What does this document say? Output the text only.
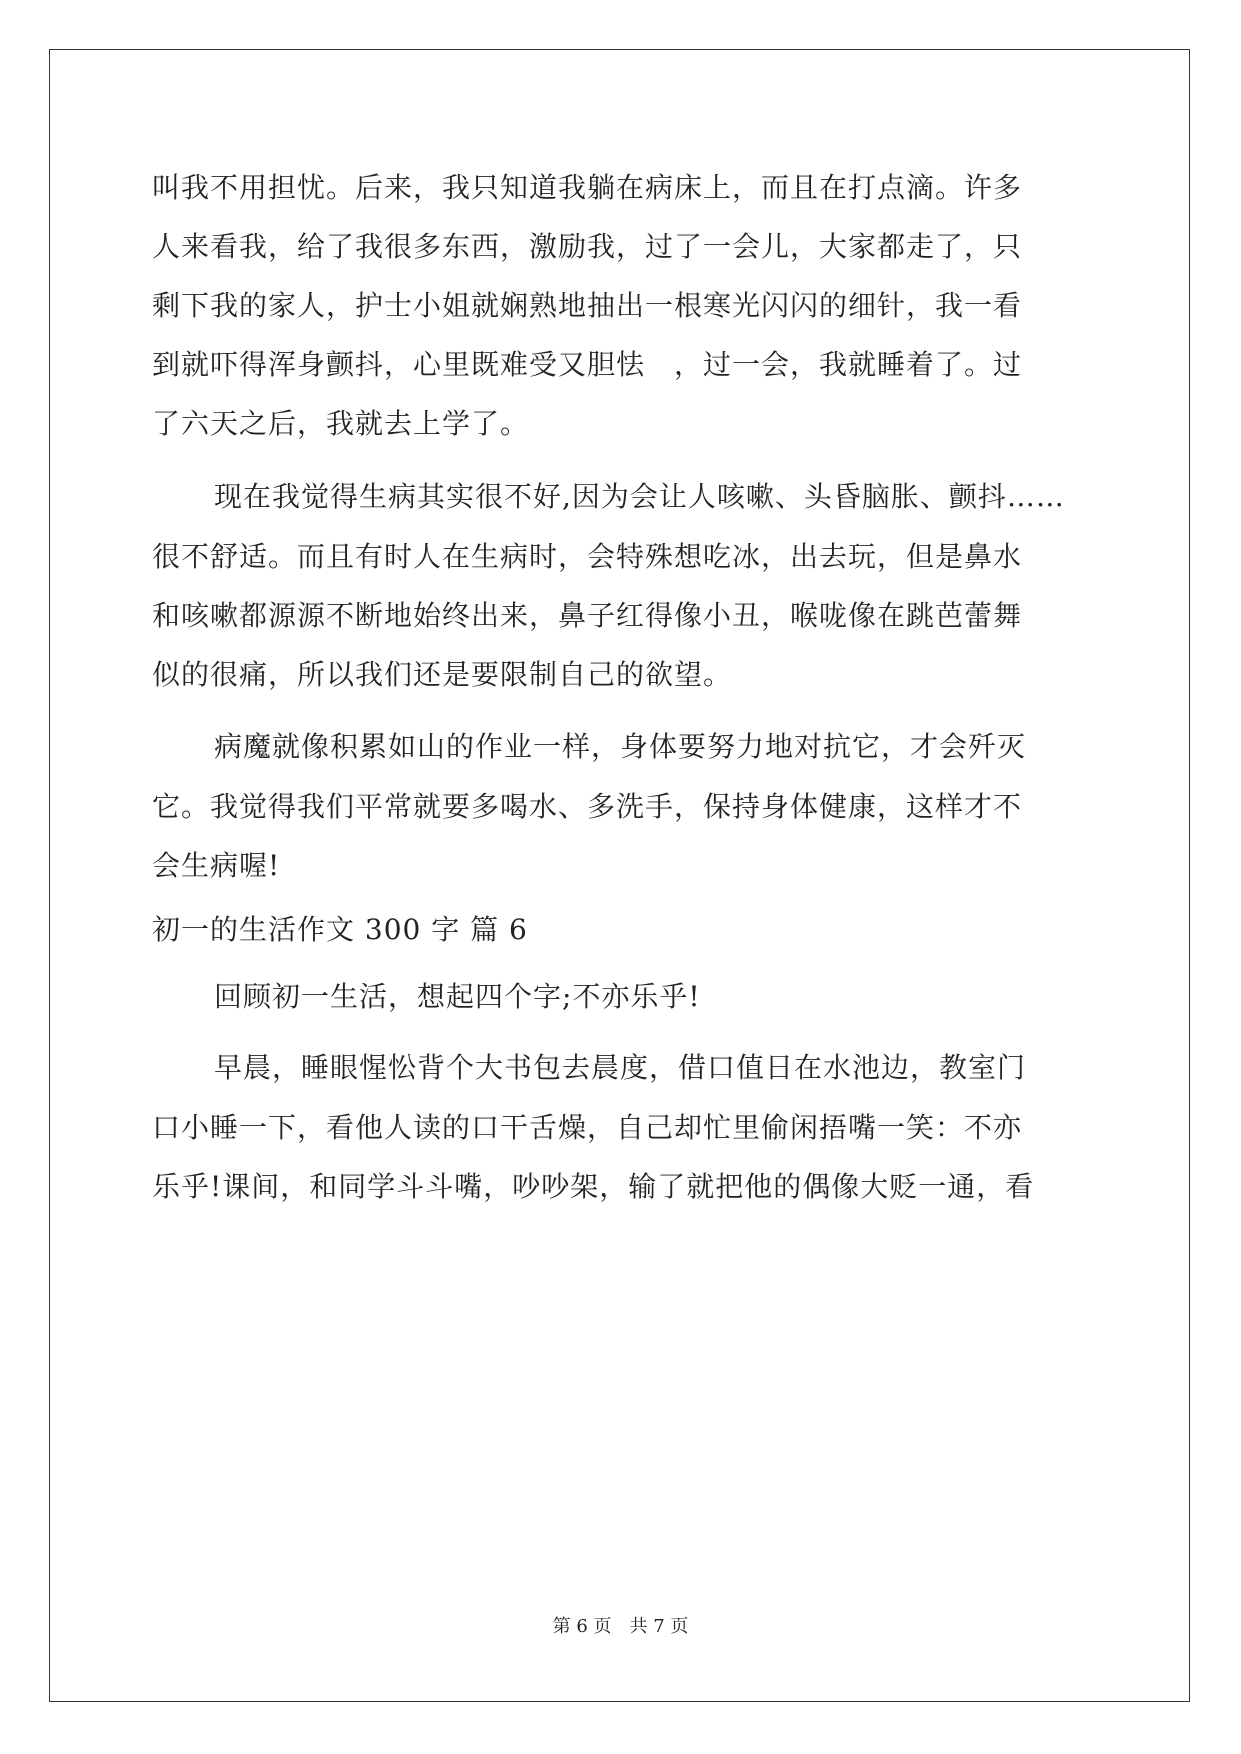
叫我不用担忧。后来，我只知道我躺在病床上，而且在打点滴。许多
人来看我，给了我很多东西，激励我，过了一会儿，大家都走了，只
剩下我的家人，护士小姐就娴熟地抽出一根寒光闪闪的细针，我一看
到就吓得浑身颤抖，心里既难受又胆怯　，过一会，我就睡着了。过
了六天之后，我就去上学了。
现在我觉得生病其实很不好,因为会让人咳嗽、头昏脑胀、颤抖……
很不舒适。而且有时人在生病时，会特殊想吃冰，出去玩，但是鼻水
和咳嗽都源源不断地始终出来，鼻子红得像小丑，喉咙像在跳芭蕾舞
似的很痛，所以我们还是要限制自己的欲望。
病魔就像积累如山的作业一样，身体要努力地对抗它，才会歼灭
它。我觉得我们平常就要多喝水、多洗手，保持身体健康，这样才不
会生病喔!
初一的生活作文 300 字 篇 6
回顾初一生活，想起四个字;不亦乐乎!
早晨，睡眼惺忪背个大书包去晨度，借口值日在水池边，教室门
口小睡一下，看他人读的口干舌燥，自己却忙里偷闲捂嘴一笑：不亦
乐乎!课间，和同学斗斗嘴，吵吵架，输了就把他的偶像大贬一通，看
第 6 页　共 7 页
